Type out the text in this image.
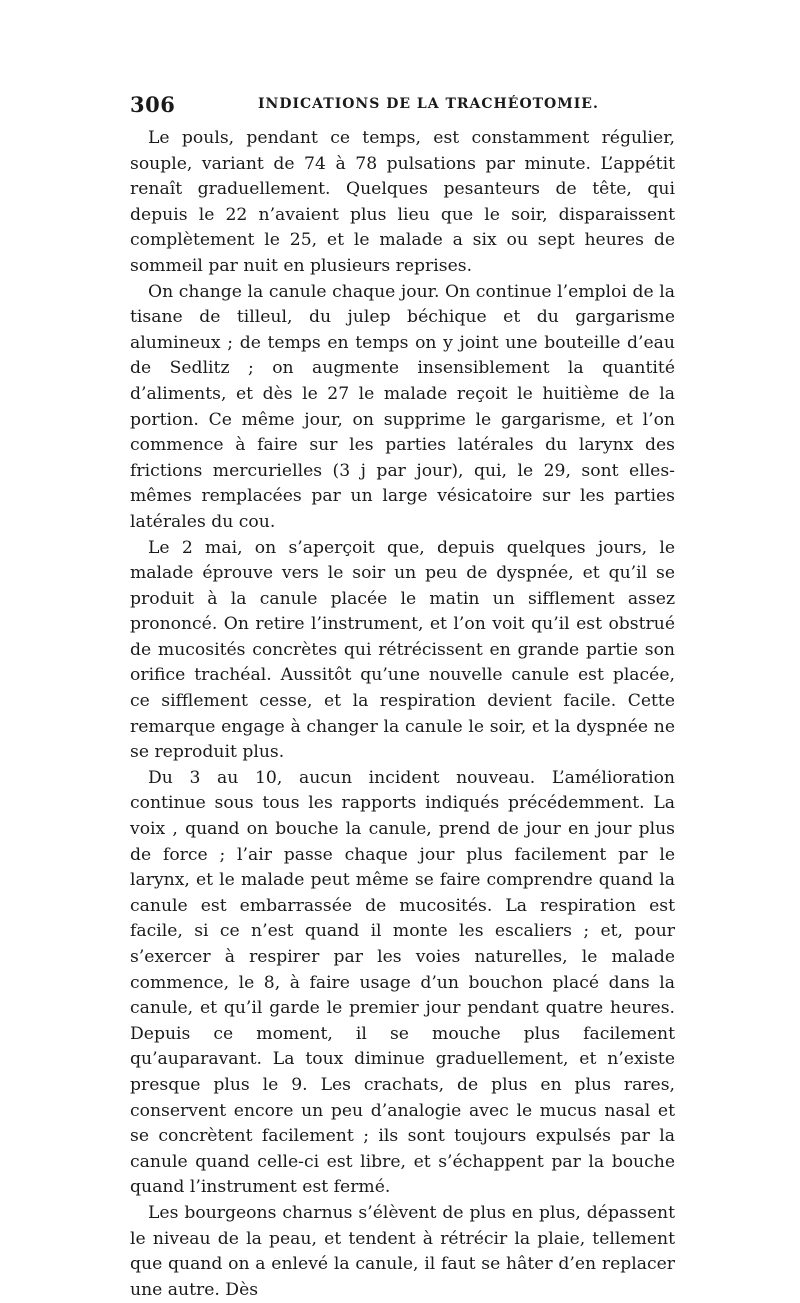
306	INDICATIONS DE LA TRACHÉOTOMIE.

Le pouls, pendant ce temps, est constamment régulier, souple, variant de 74 à 78 pulsations par minute. L’appétit renaît graduellement. Quelques pesanteurs de tête, qui depuis le 22 n’avaient plus lieu que le soir, disparaissent complètement le 25, et le malade a six ou sept heures de sommeil par nuit en plusieurs reprises.

On change la canule chaque jour. On continue l’emploi de la tisane de tilleul, du julep béchique et du gargarisme alumineux ; de temps en temps on y joint une bouteille d’eau de Sedlitz ; on augmente insensiblement la quantité d’aliments, et dès le 27 le malade reçoit le huitième de la portion. Ce même jour, on supprime le gargarisme, et l’on commence à faire sur les parties latérales du larynx des frictions mercurielles (3 j par jour), qui, le 29, sont elles-mêmes remplacées par un large vésicatoire sur les parties latérales du cou.

Le 2 mai, on s’aperçoit que, depuis quelques jours, le malade éprouve vers le soir un peu de dyspnée, et qu’il se produit à la canule placée le matin un sifflement assez prononcé. On retire l’instrument, et l’on voit qu’il est obstrué de mucosités concrètes qui rétrécissent en grande partie son orifice trachéal. Aussitôt qu’une nouvelle canule est placée, ce sifflement cesse, et la respiration devient facile. Cette remarque engage à changer la canule le soir, et la dyspnée ne se reproduit plus.

Du 3 au 10, aucun incident nouveau. L’amélioration continue sous tous les rapports indiqués précédemment. La voix , quand on bouche la canule, prend de jour en jour plus de force ; l’air passe chaque jour plus facilement par le larynx, et le malade peut même se faire comprendre quand la canule est embarrassée de mucosités. La respiration est facile, si ce n’est quand il monte les escaliers ; et, pour s’exercer à respirer par les voies naturelles, le malade commence, le 8, à faire usage d’un bouchon placé dans la canule, et qu’il garde le premier jour pendant quatre heures. Depuis ce moment, il se mouche plus facilement qu’auparavant. La toux diminue graduellement, et n’existe presque plus le 9. Les crachats, de plus en plus rares, conservent encore un peu d’analogie avec le mucus nasal et se concrètent facilement ; ils sont toujours expulsés par la canule quand celle-ci est libre, et s’échappent par la bouche quand l’instrument est fermé.

Les bourgeons charnus s’élèvent de plus en plus, dépassent le niveau de la peau, et tendent à rétrécir la plaie, tellement que quand on a enlevé la canule, il faut se hâter d’en replacer une autre. Dès
